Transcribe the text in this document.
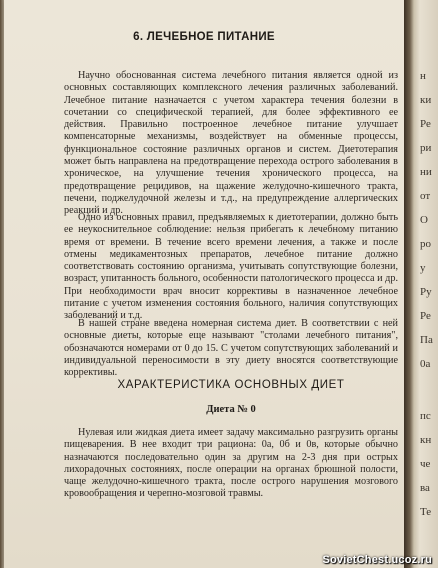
6. ЛЕЧЕБНОЕ ПИТАНИЕ

Научно обоснованная система лечебного питания является одной из основных составляющих комплексного лечения различных заболеваний. Лечебное питание назначается с учетом характера течения болезни в сочетании со специфической терапией, для более эффективного ее действия. Правильно построенное лечебное питание улучшает компенсаторные механизмы, воздействует на обменные процессы, функциональное состояние различных органов и систем. Диетотерапия может быть направлена на предотвращение перехода острого заболевания в хроническое, на улучшение течения хронического процесса, на предотвращение рецидивов, на щажение желудочно-кишечного тракта, печени, поджелудочной железы и т.д., на предупреждение аллергических реакций и др.

Одно из основных правил, предъявляемых к диетотерапии, должно быть ее неукоснительное соблюдение: нельзя прибегать к лечебному питанию время от времени. В течение всего времени лечения, а также и после отмены медикаментозных препаратов, лечебное питание должно соответствовать состоянию организма, учитывать сопутствующие болезни, возраст, упитанность больного, особенности патологического процесса и др. При необходимости врач вносит коррективы в назначенное лечебное питание с учетом изменения состояния больного, наличия сопутствующих заболеваний и т.д.

В нашей стране введена номерная система диет. В соответствии с ней основные диеты, которые еще называют "столами лечебного питания", обозначаются номерами от 0 до 15. С учетом сопутствующих заболеваний и индивидуальной переносимости в эту диету вносятся соответствующие коррективы.

ХАРАКТЕРИСТИКА ОСНОВНЫХ ДИЕТ
Диета № 0

Нулевая или жидкая диета имеет задачу максимально разгрузить органы пищеварения. В нее входит три рациона: 0а, 0б и 0в, которые обычно назначаются последовательно один за другим на 2-3 дня при острых лихорадочных состояниях, после операции на органах брюшной полости, чаще желудочно-кишечного тракта, после острого нарушения мозгового кровообращения и черепно-мозговой травмы.

н
ки
Ре
ри
ни
от
О
ро
у
Ру
Ре
Па
0а
пс
кн
че
ва
Те
SovietChest.ucoz.ru
